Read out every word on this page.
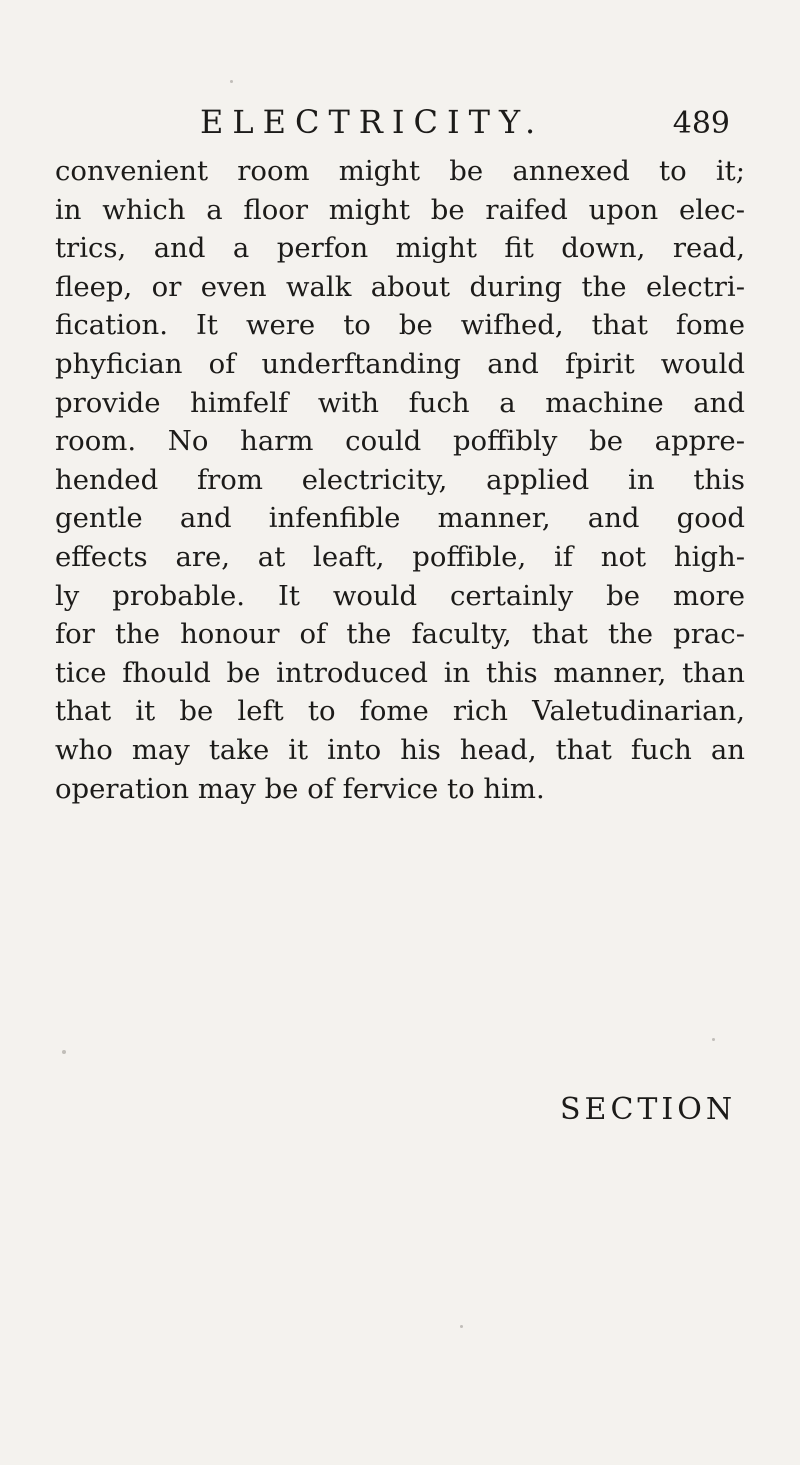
ELECTRICITY.	489
convenient room might be annexed to it;
in which a floor might be raifed upon elec-
trics, and a perfon might fit down, read,
fleep, or even walk about during the electri-
fication. It were to be wifhed, that fome
phyfician of underftanding and fpirit would
provide himfelf with fuch a machine and
room. No harm could poffibly be appre-
hended from electricity, applied in this
gentle and infenfible manner, and good
effects are, at leaft, poffible, if not high-
ly probable. It would certainly be more
for the honour of the faculty, that the prac-
tice fhould be introduced in this manner, than
that it be left to fome rich Valetudinarian,
who may take it into his head, that fuch an
operation may be of fervice to him.
SECTION
